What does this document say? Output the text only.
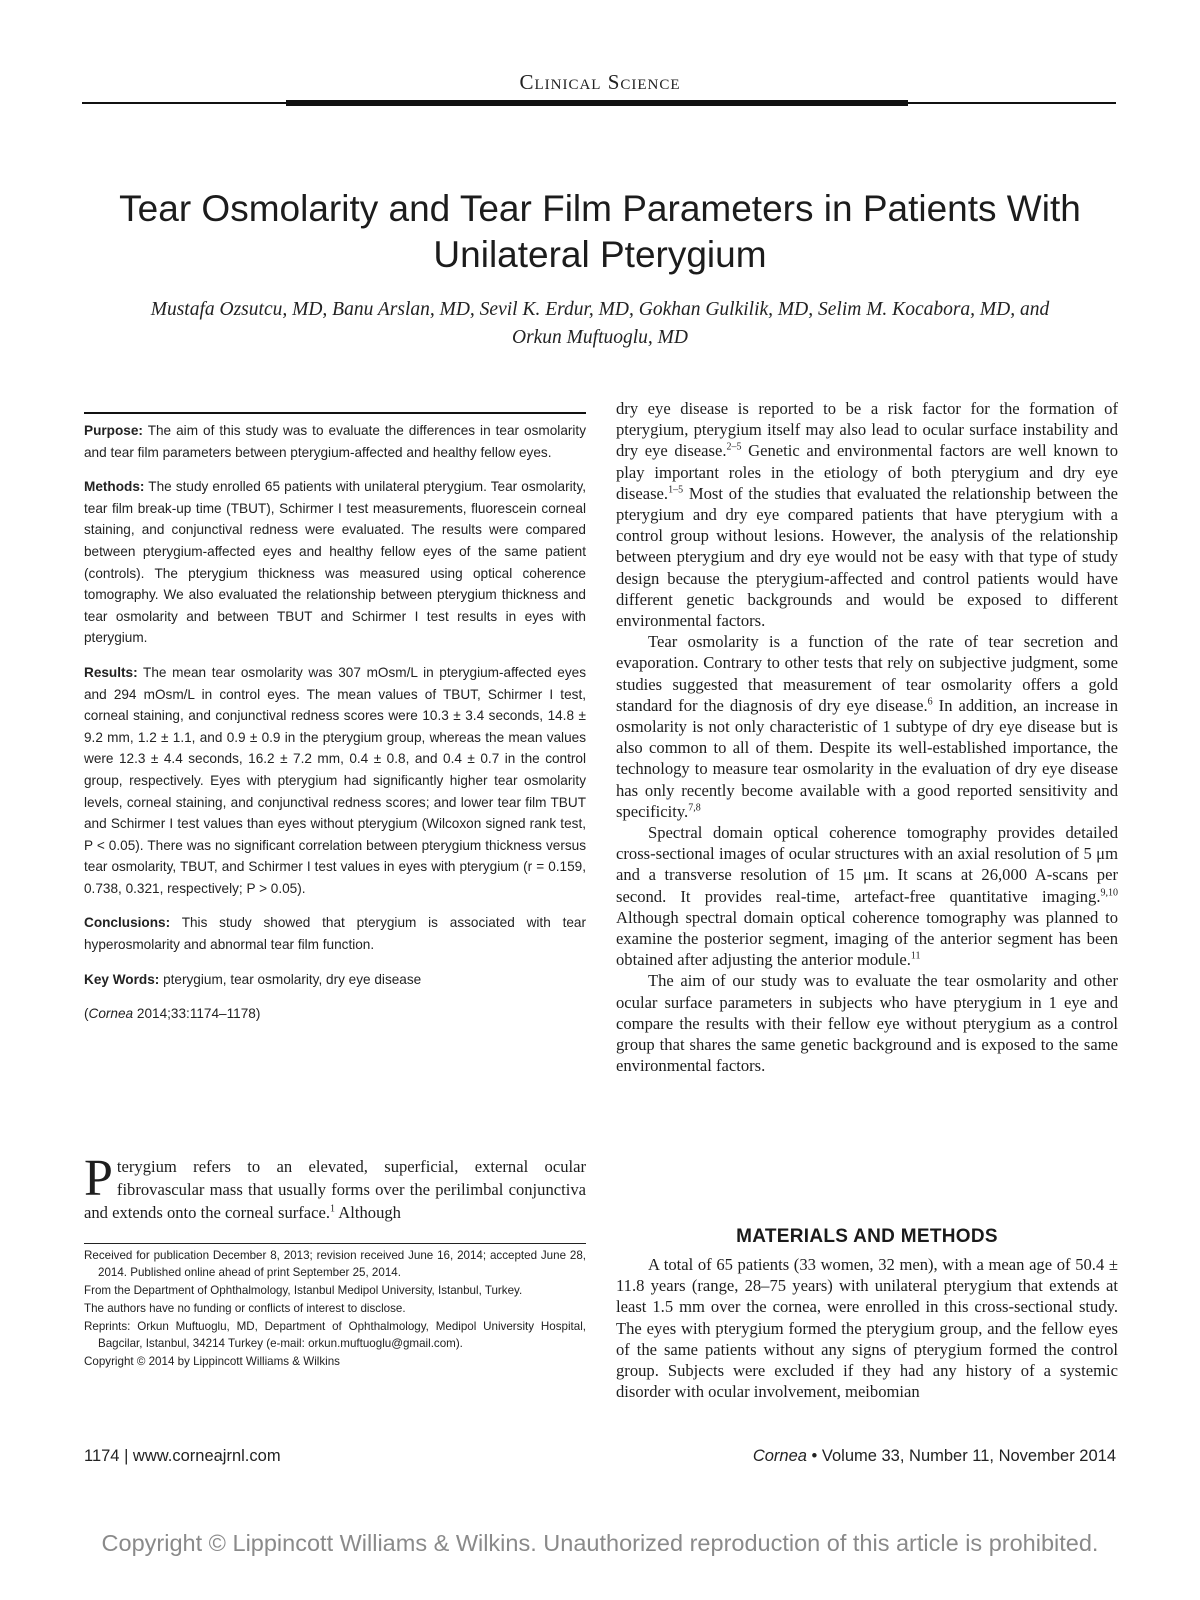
Clinical Science
Tear Osmolarity and Tear Film Parameters in Patients With Unilateral Pterygium
Mustafa Ozsutcu, MD, Banu Arslan, MD, Sevil K. Erdur, MD, Gokhan Gulkilik, MD, Selim M. Kocabora, MD, and Orkun Muftuoglu, MD

Purpose: The aim of this study was to evaluate the differences in tear osmolarity and tear film parameters between pterygium-affected and healthy fellow eyes.

Methods: The study enrolled 65 patients with unilateral pterygium. Tear osmolarity, tear film break-up time (TBUT), Schirmer I test measurements, fluorescein corneal staining, and conjunctival redness were evaluated. The results were compared between pterygium-affected eyes and healthy fellow eyes of the same patient (controls). The pterygium thickness was measured using optical coherence tomography. We also evaluated the relationship between pterygium thickness and tear osmolarity and between TBUT and Schirmer I test results in eyes with pterygium.

Results: The mean tear osmolarity was 307 mOsm/L in pterygium-affected eyes and 294 mOsm/L in control eyes. The mean values of TBUT, Schirmer I test, corneal staining, and conjunctival redness scores were 10.3 ± 3.4 seconds, 14.8 ± 9.2 mm, 1.2 ± 1.1, and 0.9 ± 0.9 in the pterygium group, whereas the mean values were 12.3 ± 4.4 seconds, 16.2 ± 7.2 mm, 0.4 ± 0.8, and 0.4 ± 0.7 in the control group, respectively. Eyes with pterygium had significantly higher tear osmolarity levels, corneal staining, and conjunctival redness scores; and lower tear film TBUT and Schirmer I test values than eyes without pterygium (Wilcoxon signed rank test, P < 0.05). There was no significant correlation between pterygium thickness versus tear osmolarity, TBUT, and Schirmer I test values in eyes with pterygium (r = 0.159, 0.738, 0.321, respectively; P > 0.05).

Conclusions: This study showed that pterygium is associated with tear hyperosmolarity and abnormal tear film function.

Key Words: pterygium, tear osmolarity, dry eye disease

(Cornea 2014;33:1174–1178)

Pterygium refers to an elevated, superficial, external ocular fibrovascular mass that usually forms over the perilimbal conjunctiva and extends onto the corneal surface.$^1$ Although

Received for publication December 8, 2013; revision received June 16, 2014; accepted June 28, 2014. Published online ahead of print September 25, 2014.

From the Department of Ophthalmology, Istanbul Medipol University, Istanbul, Turkey.

The authors have no funding or conflicts of interest to disclose.

Reprints: Orkun Muftuoglu, MD, Department of Ophthalmology, Medipol University Hospital, Bagcilar, Istanbul, 34214 Turkey (e-mail: orkun.muftuoglu@gmail.com).

Copyright © 2014 by Lippincott Williams & Wilkins

dry eye disease is reported to be a risk factor for the formation of pterygium, pterygium itself may also lead to ocular surface instability and dry eye disease.$^{2-5}$ Genetic and environmental factors are well known to play important roles in the etiology of both pterygium and dry eye disease.$^{1-5}$ Most of the studies that evaluated the relationship between the pterygium and dry eye compared patients that have pterygium with a control group without lesions. However, the analysis of the relationship between pterygium and dry eye would not be easy with that type of study design because the pterygium-affected and control patients would have different genetic backgrounds and would be exposed to different environmental factors.

Tear osmolarity is a function of the rate of tear secretion and evaporation. Contrary to other tests that rely on subjective judgment, some studies suggested that measurement of tear osmolarity offers a gold standard for the diagnosis of dry eye disease.$^6$ In addition, an increase in osmolarity is not only characteristic of 1 subtype of dry eye disease but is also common to all of them. Despite its well-established importance, the technology to measure tear osmolarity in the evaluation of dry eye disease has only recently become available with a good reported sensitivity and specificity.$^{7,8}$

Spectral domain optical coherence tomography provides detailed cross-sectional images of ocular structures with an axial resolution of 5 μm and a transverse resolution of 15 μm. It scans at 26,000 A-scans per second. It provides real-time, artefact-free quantitative imaging.$^{9,10}$ Although spectral domain optical coherence tomography was planned to examine the posterior segment, imaging of the anterior segment has been obtained after adjusting the anterior module.$^{11}$

The aim of our study was to evaluate the tear osmolarity and other ocular surface parameters in subjects who have pterygium in 1 eye and compare the results with their fellow eye without pterygium as a control group that shares the same genetic background and is exposed to the same environmental factors.

MATERIALS AND METHODS
A total of 65 patients (33 women, 32 men), with a mean age of 50.4 ± 11.8 years (range, 28–75 years) with unilateral pterygium that extends at least 1.5 mm over the cornea, were enrolled in this cross-sectional study. The eyes with pterygium formed the pterygium group, and the fellow eyes of the same patients without any signs of pterygium formed the control group. Subjects were excluded if they had any history of a systemic disorder with ocular involvement, meibomian
1174 | www.corneajrnl.com	Cornea • Volume 33, Number 11, November 2014
Copyright © Lippincott Williams & Wilkins. Unauthorized reproduction of this article is prohibited.
